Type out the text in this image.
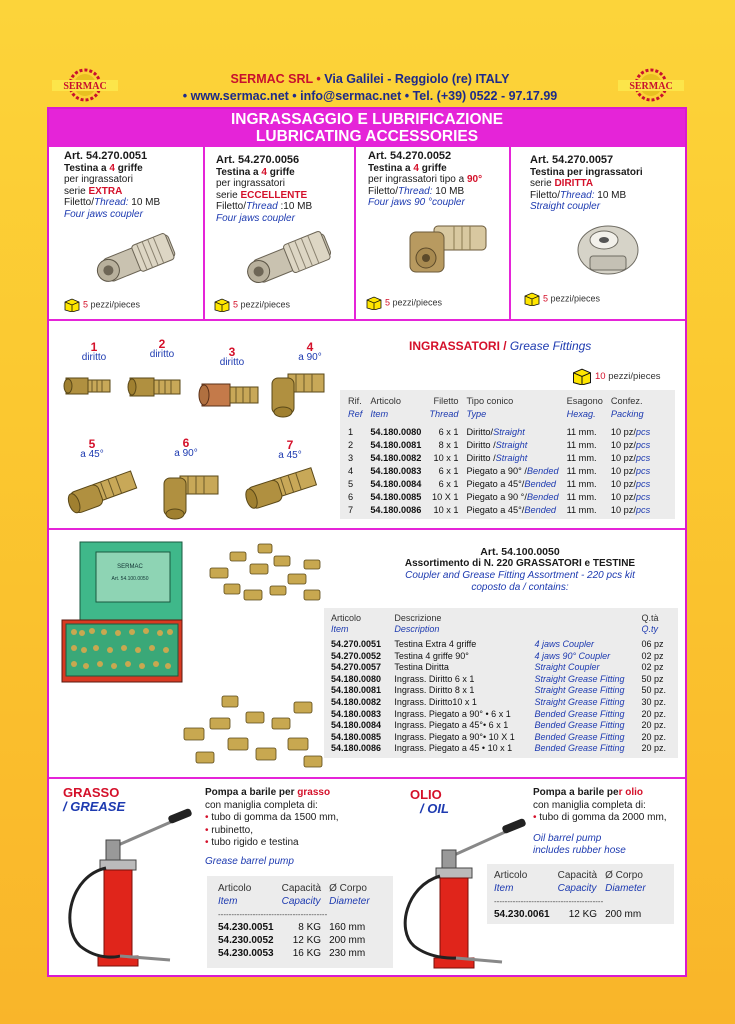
SERMAC	SERMAC
SERMAC SRL • Via Galilei - Reggiolo (re) ITALY
• www.sermac.net • info@sermac.net • Tel. (+39) 0522 - 97.17.99
INGRASSAGGIO E LUBRIFICAZIONE
LUBRICATING ACCESSORIES
Art. 54.270.0051
Testina a 4 griffe
per ingrassatori
serie EXTRA
Filetto/Thread: 10 MB
Four jaws coupler
Art. 54.270.0056
Testina a 4 griffe
per ingrassatori
serie ECCELLENTE
Filetto/Thread :10 MB
Four jaws coupler
Art. 54.270.0052
Testina a 4 griffe
per ingrassatori tipo a 90°
Filetto/Thread: 10 MB
Four jaws 90 °coupler
Art. 54.270.0057
Testina per ingrassatori
serie DIRITTA
Filetto/Thread: 10 MB
Straight coupler
5 pezzi/pieces	5 pezzi/pieces	5 pezzi/pieces	5 pezzi/pieces
1
diritto
2
diritto	3
diritto
4
a 90°
5
a 45°
6
a 90°
7
a 45°
INGRASSATORI / Grease Fittings
10 pezzi/pieces
Rif.	Articolo	Filetto	Tipo conico	Esagono	Confez.
Ref	Item	Thread	Type	Hexag.	Packing

1	54.180.0080	6 x 1	Diritto/Straight	11 mm.	10 pz/pcs
2	54.180.0081	8 x 1	Diritto /Straight	11 mm.	10 pz/pcs
3	54.180.0082	10 x 1	Diritto /Straight	11 mm.	10 pz/pcs
4	54.180.0083	6 x 1	Piegato a 90° /Bended	11 mm.	10 pz/pcs
5	54.180.0084	6 x 1	Piegato a 45°/Bended	11 mm.	10 pz/pcs
6	54.180.0085	10 X 1	Piegato a 90 °/Bended	11 mm.	10 pz/pcs
7	54.180.0086	10 x 1	Piegato a 45°/Bended	11 mm.	10 pz/pcs
SERMAC
Art. 54.100.0050
Art. 54.100.0050
Assortimento di N. 220 GRASSATORI e TESTINE
Coupler and Grease Fitting Assortment - 220 pcs kit
coposto da / contains:
Articolo	Descrizione		Q.tà
Item	Description		Q.ty

54.270.0051	Testina Extra 4 griffe	4 jaws Coupler	06 pz
54.270.0052	Testina 4 griffe 90°	4 jaws 90° Coupler	02 pz
54.270.0057	Testina Diritta	Straight Coupler	02 pz
54.180.0080	Ingrass. Diritto 6 x 1	Straight Grease Fitting	50 pz
54.180.0081	Ingrass. Diritto 8 x 1	Straight Grease Fitting	50 pz.
54.180.0082	Ingrass. Diritto10 x 1	Straight Grease Fitting	30 pz.
54.180.0083	Ingrass. Piegato a 90° • 6 x 1	Bended Grease Fitting	20 pz.
54.180.0084	Ingrass. Piegato a 45°• 6 x 1	Bended Grease Fitting	20 pz.
54.180.0085	Ingrass. Piegato a 90°• 10 X 1	Bended Grease Fitting	20 pz.
54.180.0086	Ingrass. Piegato a 45 • 10 x 1	Bended Grease Fitting	20 pz.
GRASSO
/ GREASE
Pompa a barile per grasso
con maniglia completa di:
• tubo di gomma da 1500 mm,
• rubinetto,
• tubo rigido e testina
Grease barrel pump
Articolo	Capacità	Ø Corpo
Item	Capacity	Diameter
-----------------------------------------		
54.230.0051	8 KG	160 mm
54.230.0052	12 KG	200 mm
54.230.0053	16 KG	230 mm
OLIO
/ OIL
Pompa a barile per olio
con maniglia completa di:
• tubo di gomma da 2000 mm,
Oil barrel pump
includes rubber hose
Articolo	Capacità	Ø Corpo
Item	Capacity	Diameter
-----------------------------------------		
54.230.0061	12 KG	200 mm
